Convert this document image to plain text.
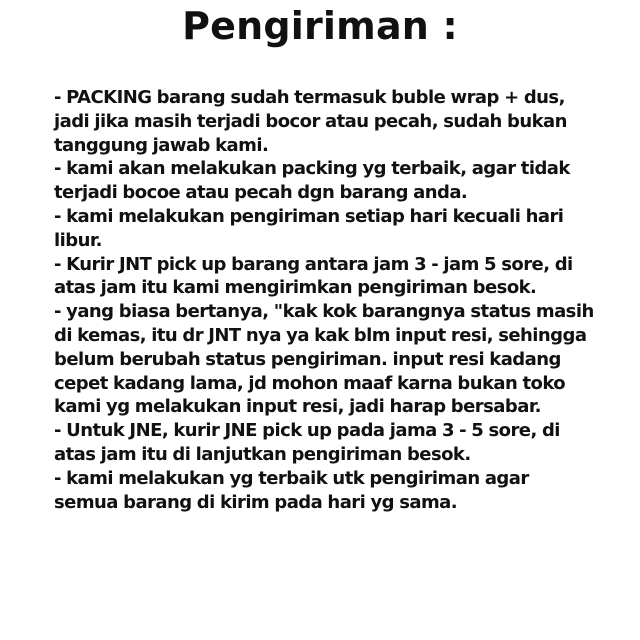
Pengiriman :
- PACKING barang sudah termasuk buble wrap + dus,
jadi jika masih terjadi bocor atau pecah, sudah bukan
tanggung jawab kami.
- kami akan melakukan packing yg terbaik, agar tidak
terjadi bocoe atau pecah dgn barang anda.
- kami melakukan pengiriman setiap hari kecuali hari
libur.
- Kurir JNT pick up barang antara jam 3 - jam 5 sore, di
atas jam itu kami mengirimkan pengiriman besok.
- yang biasa bertanya, "kak kok barangnya status masih
di kemas, itu dr JNT nya ya kak blm input resi, sehingga
belum berubah status pengiriman. input resi kadang
cepet kadang lama, jd mohon maaf karna bukan toko
kami yg melakukan input resi, jadi harap bersabar.
- Untuk JNE, kurir JNE pick up pada jama 3 - 5 sore, di
atas jam itu di lanjutkan pengiriman besok.
- kami melakukan yg terbaik utk pengiriman agar
semua barang di kirim pada hari yg sama.
